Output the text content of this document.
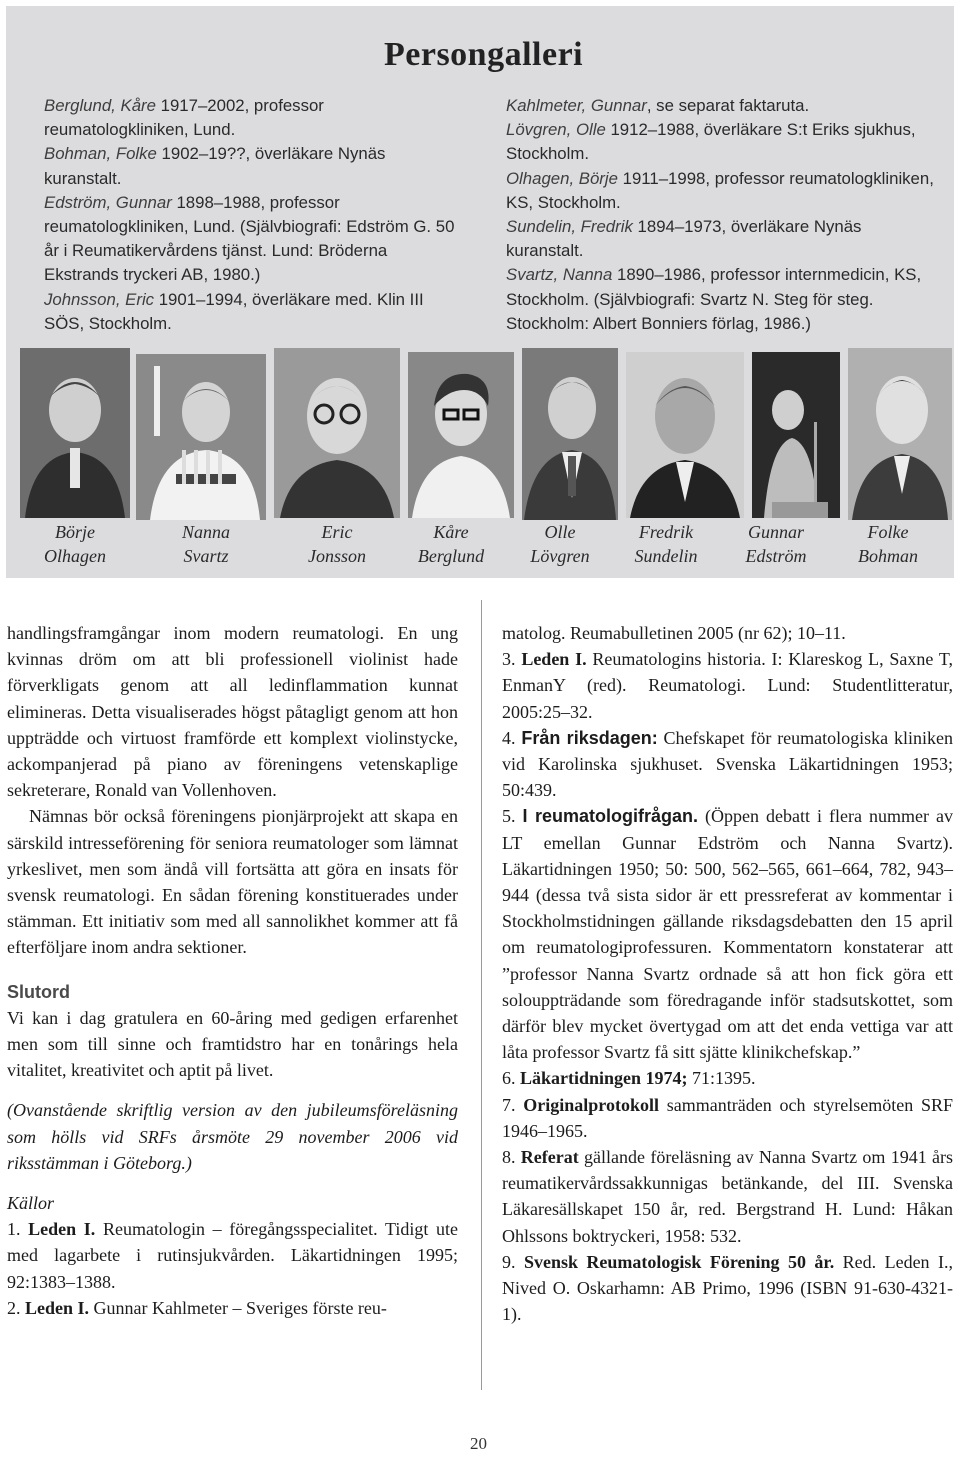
Persongalleri

Berglund, Kåre 1917–2002, professor reumatologkliniken, Lund.

Bohman, Folke 1902–19??, överläkare Nynäs kuranstalt.

Edström, Gunnar 1898–1988, professor reumatologkliniken, Lund. (Självbiografi: Edström G. 50 år i Reumatikervårdens tjänst. Lund: Bröderna Ekstrands tryckeri AB, 1980.)

Johnsson, Eric 1901–1994, överläkare med. Klin III SÖS, Stockholm.

Kahlmeter, Gunnar, se separat faktaruta.

Lövgren, Olle 1912–1988, överläkare S:t Eriks sjukhus, Stockholm.

Olhagen, Börje 1911–1998, professor reumatologkliniken, KS, Stockholm.

Sundelin, Fredrik 1894–1973, överläkare Nynäs kuranstalt.

Svartz, Nanna 1890–1986, professor internmedicin, KS, Stockholm. (Självbiografi: Svartz N. Steg för steg. Stockholm: Albert Bonniers förlag, 1986.)

Börje
Olhagen
Nanna
Svartz
Eric
Jonsson
Kåre
Berglund
Olle
Lövgren
Fredrik
Sundelin
Gunnar
Edström
Folke
Bohman

handlingsframgångar inom modern reumatologi. En ung kvinnas dröm om att bli professionell violinist hade förverkligats genom att all ledinflammation kunnat elimineras. Detta visualiserades högst påtagligt genom att hon uppträdde och virtuost framförde ett komplext violinstycke, ackompanjerad på piano av föreningens vetenskaplige sekreterare, Ronald van Vollenhoven.

Nämnas bör också föreningens pionjärprojekt att skapa en särskild intresseförening för seniora reumatologer som lämnat yrkeslivet, men som ändå vill fortsätta att göra en insats för svensk reumatologi. En sådan förening konstituerades under stämman. Ett initiativ som med all sannolikhet kommer att få efterföljare inom andra sektioner.

Slutord

Vi kan i dag gratulera en 60-åring med gedigen erfarenhet men som till sinne och framtidstro har en tonårings hela vitalitet, kreativitet och aptit på livet.

(Ovanstående skriftlig version av den jubileumsföreläsning som hölls vid SRFs årsmöte 29 november 2006 vid riksstämman i Göteborg.)

Källor

1. Leden I. Reumatologin – föregångsspecialitet. Tidigt ute med lagarbete i rutinsjukvården. Läkartidningen 1995; 92:1383–1388.

2. Leden I. Gunnar Kahlmeter – Sveriges förste reu-

matolog. Reumabulletinen 2005 (nr 62); 10–11.

3. Leden I. Reumatologins historia. I: Klareskog L, Saxne T, EnmanY (red). Reumatologi. Lund: Studentlitteratur, 2005:25–32.

4. Från riksdagen: Chefskapet för reumatologiska kliniken vid Karolinska sjukhuset. Svenska Läkartidningen 1953; 50:439.

5. I reumatologifrågan. (Öppen debatt i flera nummer av LT emellan Gunnar Edström och Nanna Svartz). Läkartidningen 1950; 50: 500, 562–565, 661–664, 782, 943–944 (dessa två sista sidor är ett pressreferat av kommentar i Stockholmstidningen gällande riksdagsdebatten den 15 april om reumatologiprofessuren. Kommentatorn konstaterar att ”professor Nanna Svartz ordnade så att hon fick göra ett solouppträdande som föredragande inför stadsutskottet, som därför blev mycket övertygad om att det enda vettiga var att låta professor Svartz få sitt sjätte klinikchefskap.”

6. Läkartidningen 1974; 71:1395.

7. Originalprotokoll sammanträden och styrelsemöten SRF 1946–1965.

8. Referat gällande föreläsning av Nanna Svartz om 1941 års reumatikervårdssakkunnigas betänkande, del III. Svenska Läkaresällskapet 150 år, red. Bergstrand H. Lund: Håkan Ohlssons boktryckeri, 1958: 532.

9. Svensk Reumatologisk Förening 50 år. Red. Leden I., Nived O. Oskarhamn: AB Primo, 1996 (ISBN 91-630-4321-1).

20
